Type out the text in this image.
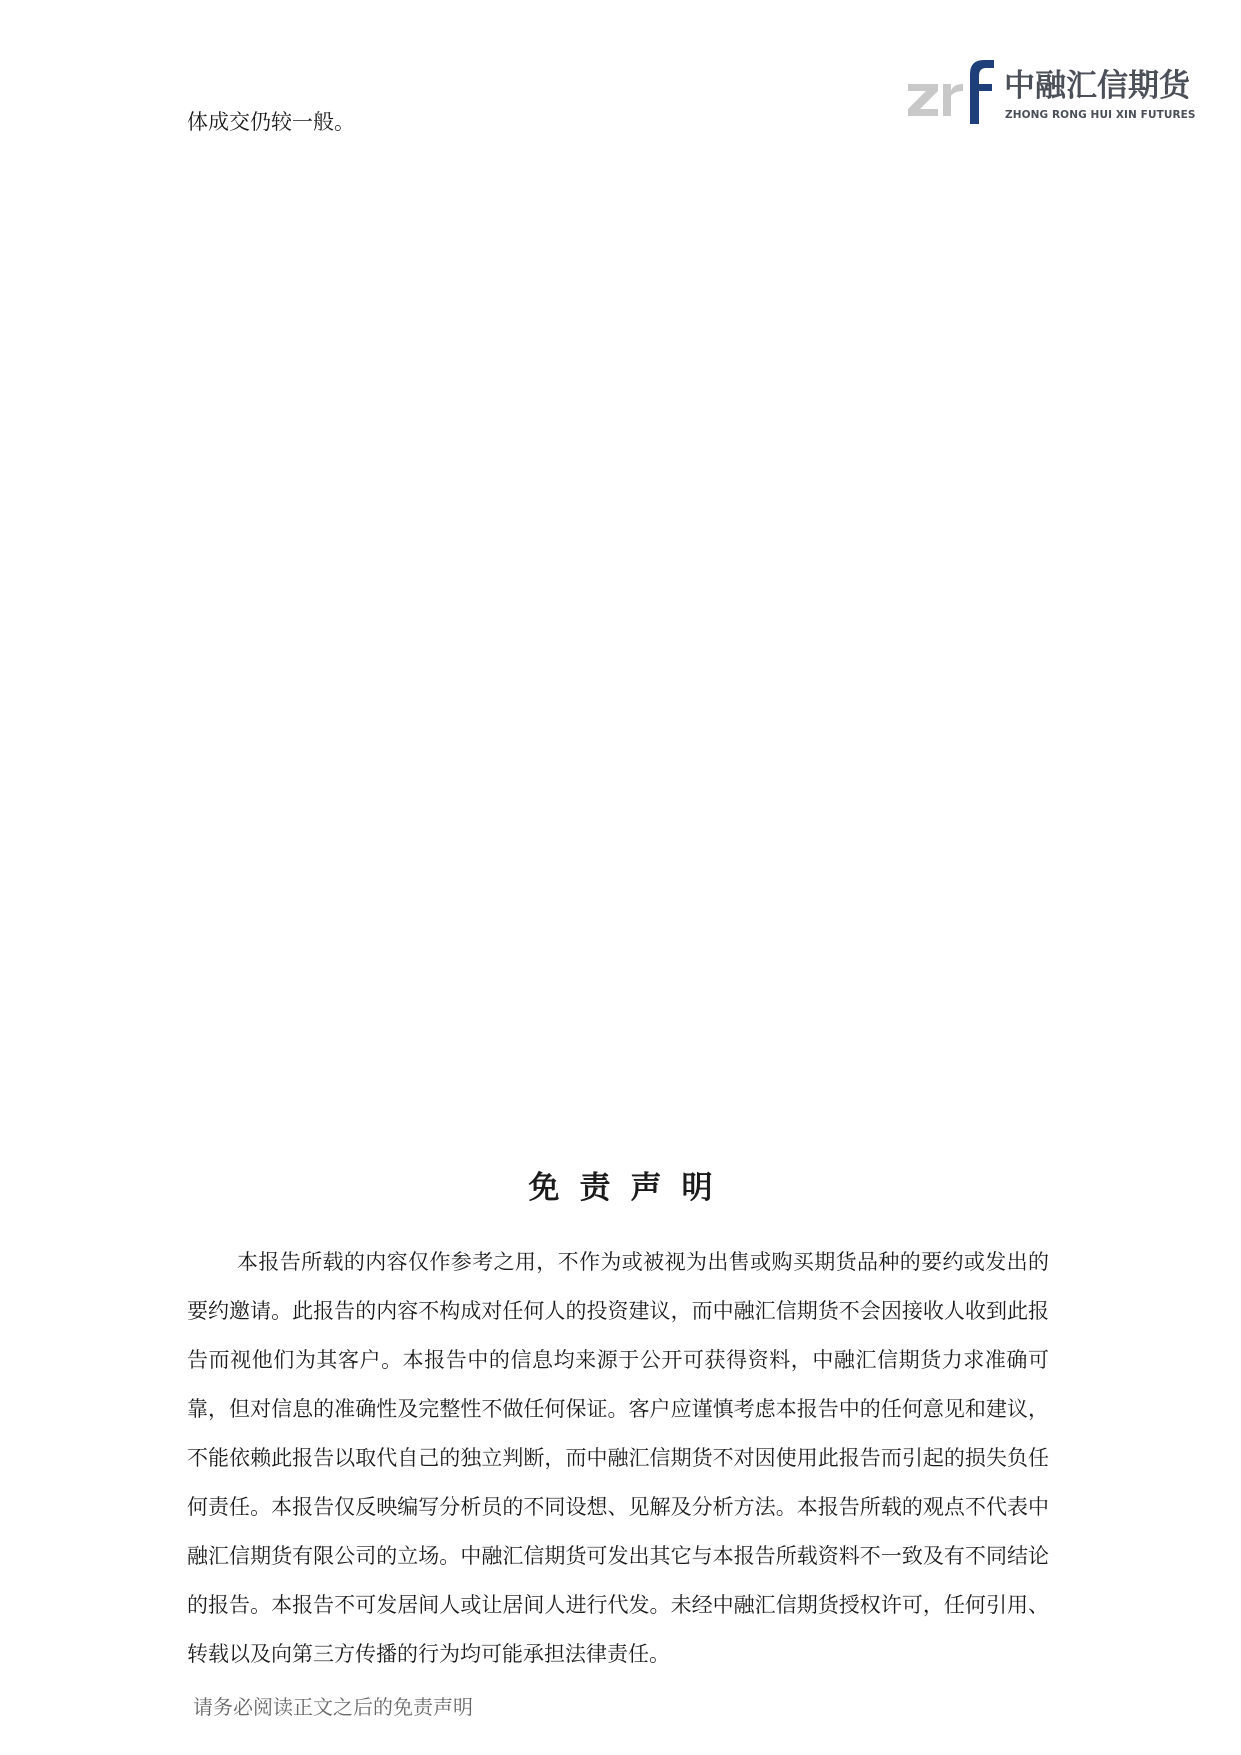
体成交仍较一般。
中融汇信期货
ZHONG RONG HUI XIN FUTURES
免责声明

本报告所载的内容仅作参考之用，不作为或被视为出售或购买期货品种的要约或发出的要约邀请。此报告的内容不构成对任何人的投资建议，而中融汇信期货不会因接收人收到此报告而视他们为其客户。本报告中的信息均来源于公开可获得资料，中融汇信期货力求准确可靠，但对信息的准确性及完整性不做任何保证。客户应谨慎考虑本报告中的任何意见和建议，不能依赖此报告以取代自己的独立判断，而中融汇信期货不对因使用此报告而引起的损失负任何责任。本报告仅反映编写分析员的不同设想、见解及分析方法。本报告所载的观点不代表中融汇信期货有限公司的立场。中融汇信期货可发出其它与本报告所载资料不一致及有不同结论的报告。本报告不可发居间人或让居间人进行代发。未经中融汇信期货授权许可，任何引用、转载以及向第三方传播的行为均可能承担法律责任。

请务必阅读正文之后的免责声明
